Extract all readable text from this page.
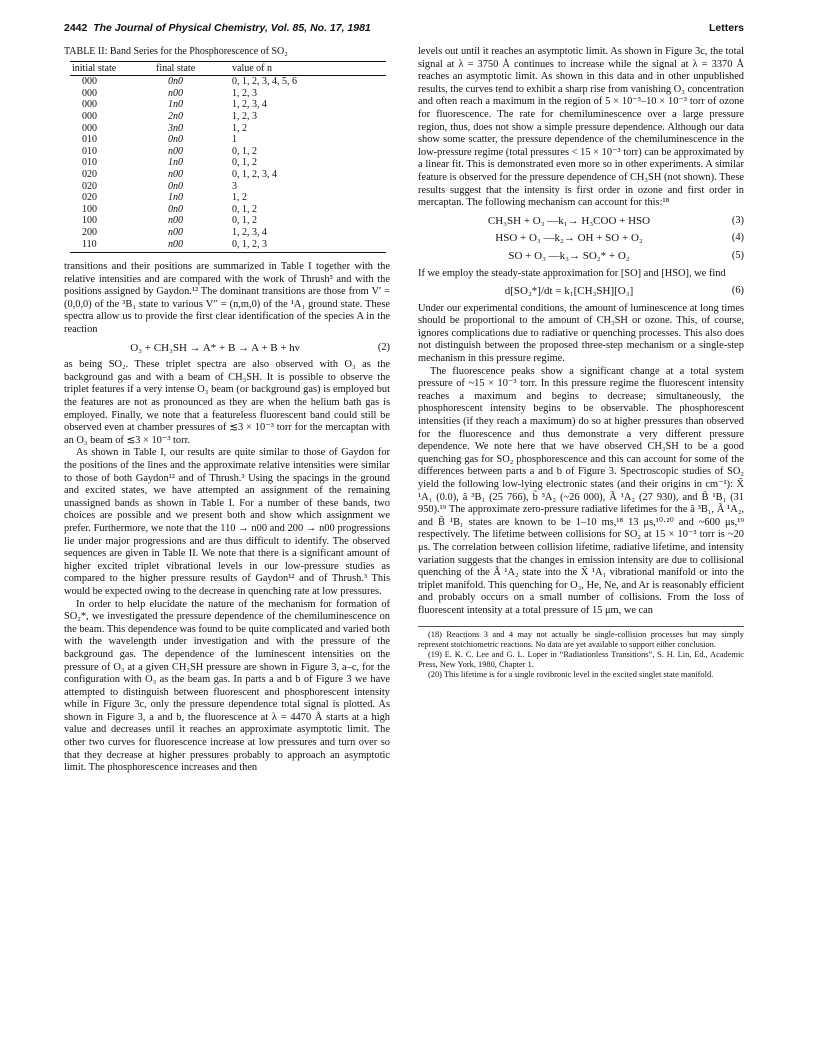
2442 The Journal of Physical Chemistry, Vol. 85, No. 17, 1981	Letters

TABLE II: Band Series for the Phosphorescence of SO₂

initial state	final state	value of n
000	0n0	0, 1, 2, 3, 4, 5, 6
000	n00	1, 2, 3
000	1n0	1, 2, 3, 4
000	2n0	1, 2, 3
000	3n0	1, 2
010	0n0	1
010	n00	0, 1, 2
010	1n0	0, 1, 2
020	n00	0, 1, 2, 3, 4
020	0n0	3
020	1n0	1, 2
100	0n0	0, 1, 2
100	n00	0, 1, 2
200	n00	1, 2, 3, 4
110	n00	0, 1, 2, 3

transitions and their positions are summarized in Table I together with the relative intensities and are compared with the work of Thrush³ and with the positions assigned by Gaydon.¹² The dominant transitions are those from V′ = (0,0,0) of the ³B₁ state to various V″ = (n,m,0) of the ¹A₁ ground state. These spectra allow us to provide the first clear identification of the species A in the reaction

O₃ + CH₃SH → A* + B → A + B + hν	(2)

as being SO₂. These triplet spectra are also observed with O₃ as the background gas and with a beam of CH₃SH. It is possible to observe the triplet features if a very intense O₃ beam (or background gas) is employed but the features are not as pronounced as they are when the helium bath gas is employed. Finally, we note that a featureless fluorescent band could still be observed even at chamber pressures of ≲3 × 10⁻³ torr for the mercaptan with an O₃ beam of ≲3 × 10⁻³ torr.

As shown in Table I, our results are quite similar to those of Gaydon for the positions of the lines and the approximate relative intensities were similar to those of both Gaydon¹² and of Thrush.³ Using the spacings in the ground and excited states, we have attempted an assignment of the remaining unassigned bands as shown in Table I. For a number of these bands, two choices are possible and we present both and show which assignment we prefer. Furthermore, we note that the 110 → n00 and 200 → n00 progressions lie under major progressions and are thus difficult to identify. The observed sequences are given in Table II. We note that there is a significant amount of higher excited triplet vibrational levels in our low-pressure studies as compared to the higher pressure results of Gaydon¹² and of Thrush.³ This would be expected owing to the decrease in quenching rate at low pressures.

In order to help elucidate the nature of the mechanism for formation of SO₂*, we investigated the pressure dependence of the chemiluminescence on the beam. This dependence was found to be quite complicated and varied both with the wavelength under investigation and with the pressure of the background gas. The dependence of the luminescent intensities on the pressure of O₃ at a given CH₃SH pressure are shown in Figure 3, a–c, for the configuration with O₃ as the beam gas. In parts a and b of Figure 3 we have attempted to distinguish between fluorescent and phosphorescent intensity while in Figure 3c, only the pressure dependence total signal is plotted. As shown in Figure 3, a and b, the fluorescence at λ = 4470 Å starts at a high value and decreases until it reaches an approximate asymptotic limit. The other two curves for fluorescence increase at low pressures and turn over so that they decrease at higher pressures probably to approach an asymptotic limit. The phosphorescence increases and then

levels out until it reaches an asymptotic limit. As shown in Figure 3c, the total signal at λ = 3750 Å continues to increase while the signal at λ = 3370 Å reaches an asymptotic limit. As shown in this data and in other unpublished results, the curves tend to exhibit a sharp rise from vanishing O₃ concentration and often reach a maximum in the region of 5 × 10⁻³–10 × 10⁻³ torr of ozone for fluorescence. The rate for chemiluminescence over a large pressure region, thus, does not show a simple pressure dependence. Although our data show some scatter, the pressure dependence of the chemiluminescence in the low-pressure regime (total pressures < 15 × 10⁻³ torr) can be approximated by a linear fit. This is demonstrated even more so in other experiments. A similar feature is observed for the pressure dependence of CH₃SH (not shown). These results suggest that the intensity is first order in ozone and first order in mercaptan. The following mechanism can account for this:¹⁸

CH₃SH + O₃ —k₁→ H₃COO + HSO	(3)
HSO + O₃ —k₂→ OH + SO + O₂	(4)
SO + O₃ —k₃→ SO₂* + O₂	(5)

If we employ the steady-state approximation for [SO] and [HSO], we find

d[SO₂*]/dt = k₁[CH₃SH][O₃]	(6)

Under our experimental conditions, the amount of luminescence at long times should be proportional to the amount of CH₃SH or ozone. This, of course, ignores complications due to radiative or quenching processes. This also does not distinguish between the proposed three-step mechanism or a single-step mechanism in this pressure regime.

The fluorescence peaks show a significant change at a total system pressure of ~15 × 10⁻³ torr. In this pressure regime the fluorescent intensity reaches a maximum and begins to decrease; simultaneously, the phosphorescent intensity begins to be observable. The phosphorescent intensities (if they reach a maximum) do so at higher pressures than observed for the fluorescence and thus demonstrate a very different pressure dependence. We note here that we have observed CH₃SH to be a good quenching gas for SO₂ phosphorescence and this can account for some of the differences between parts a and b of Figure 3. Spectroscopic studies of SO₂ yield the following low-lying electronic states (and their origins in cm⁻¹): X̃ ¹A₁ (0.0), ã ³B₁ (25 766), b̃ ³A₂ (~26 000), Ã ¹A₂ (27 930), and B̃ ¹B₁ (31 950).¹⁹ The approximate zero-pressure radiative lifetimes for the ã ³B₁, Ã ¹A₂, and B̃ ¹B₁ states are known to be 1–10 ms,¹⁸ 13 μs,¹⁰·²⁰ and ~600 μs,¹⁹ respectively. The lifetime between collisions for SO₂ at 15 × 10⁻³ torr is ~20 μs. The correlation between collision lifetime, radiative lifetime, and intensity variation suggests that the changes in emission intensity are due to collisional quenching of the Ã ¹A₂ state into the X̃ ¹A₁ vibrational manifold or into the triplet manifold. This quenching for O₃, He, Ne, and Ar is reasonably efficient and probably occurs on a small number of collisions. From the loss of fluorescent intensity at a total pressure of 15 μm, we can

(18) Reactions 3 and 4 may not actually be single-collision processes but may simply represent stoichiometric reactions. No data are yet available to support either conclusion.

(19) E. K. C. Lee and G. L. Loper in “Radiationless Transitions”, S. H. Lin, Ed., Academic Press, New York, 1980, Chapter 1.

(20) This lifetime is for a single rovibronic level in the excited singlet state manifold.
